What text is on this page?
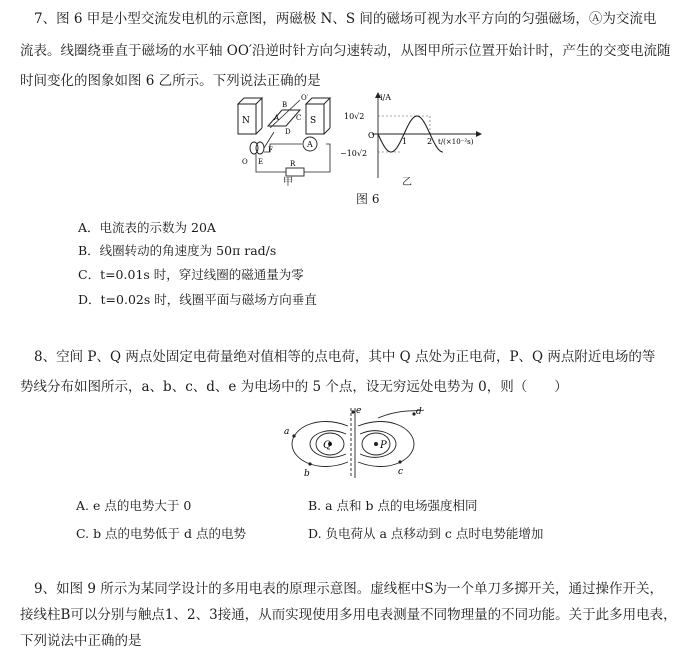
7、图 6 甲是小型交流发电机的示意图，两磁极 N、S 间的磁场可视为水平方向的匀强磁场，Ⓐ为交流电
流表。线圈绕垂直于磁场的水平轴 OO′沿逆时针方向匀速转动，从图甲所示位置开始计时，产生的交变电流随
时间变化的图象如图 6 乙所示。下列说法正确的是
N	S
O′
A
B
C
D
O E
F
A
R
甲
i/A
10√2
O
−10√2
1 2 t/(×10⁻²s)
乙
图 6
A．电流表的示数为 20A
B．线圈转动的角速度为 50π rad/s
C．t=0.01s 时，穿过线圈的磁通量为零
D．t=0.02s 时，线圈平面与磁场方向垂直
8、空间 P、Q 两点处固定电荷量绝对值相等的点电荷，其中 Q 点处为正电荷，P、Q 两点附近电场的等
势线分布如图所示，a、b、c、d、e 为电场中的 5 个点，设无穷远处电势为 0，则（　　）
Q	P
a
b	c
d
e
A. e 点的电势大于 0	B. a 点和 b 点的电场强度相同
C. b 点的电势低于 d 点的电势	D. 负电荷从 a 点移动到 c 点时电势能增加
9、如图 9 所示为某同学设计的多用电表的原理示意图。虚线框中S为一个单刀多掷开关，通过操作开关，
接线柱B可以分别与触点1、2、3接通，从而实现使用多用电表测量不同物理量的不同功能。关于此多用电表，
下列说法中正确的是
